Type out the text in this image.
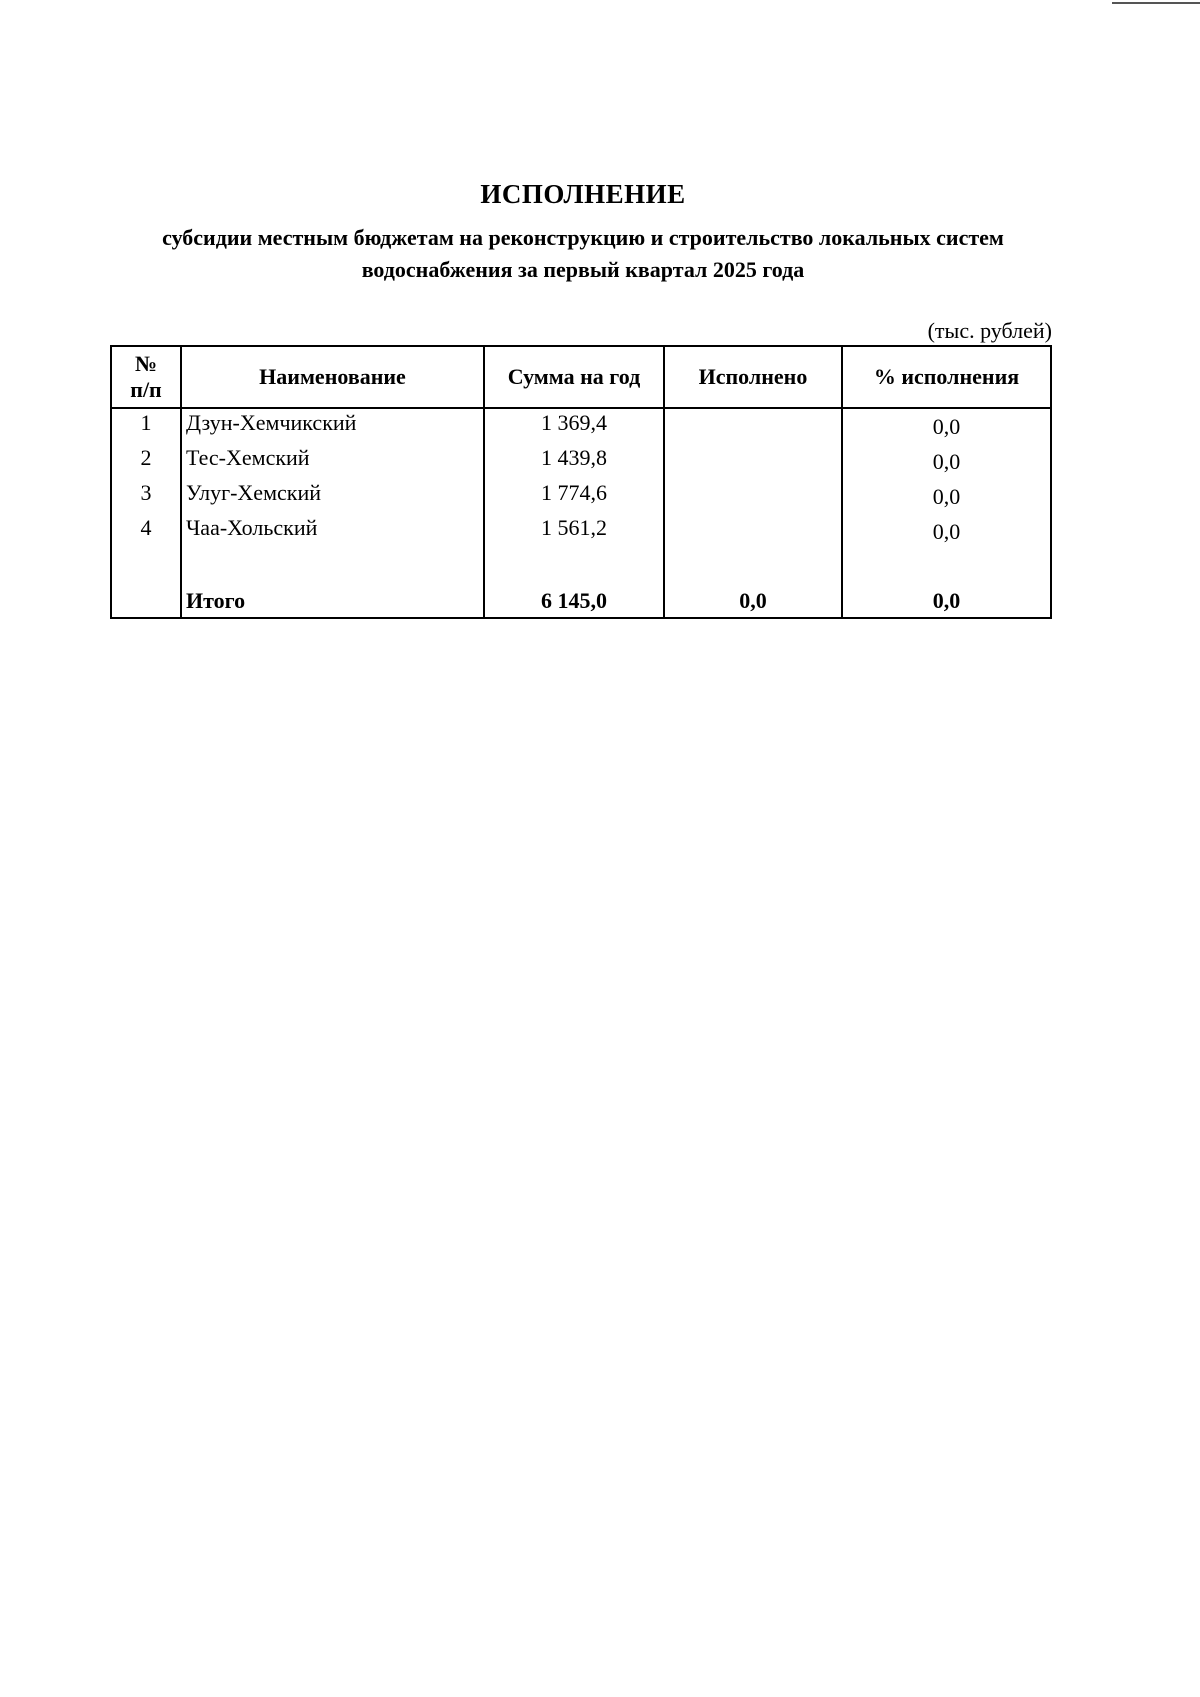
ИСПОЛНЕНИЕ
субсидии местным бюджетам на реконструкцию и строительство локальных систем
водоснабжения за первый квартал 2025 года
(тыс. рублей)
№
п/п	Наименование	Сумма на год	Исполнено	% исполнения
1	Дзун-Хемчикский	1 369,4		0,0
2	Тес-Хемский	1 439,8		0,0
3	Улуг-Хемский	1 774,6		0,0
4	Чаа-Хольский	1 561,2		0,0

	Итого	6 145,0	0,0	0,0
